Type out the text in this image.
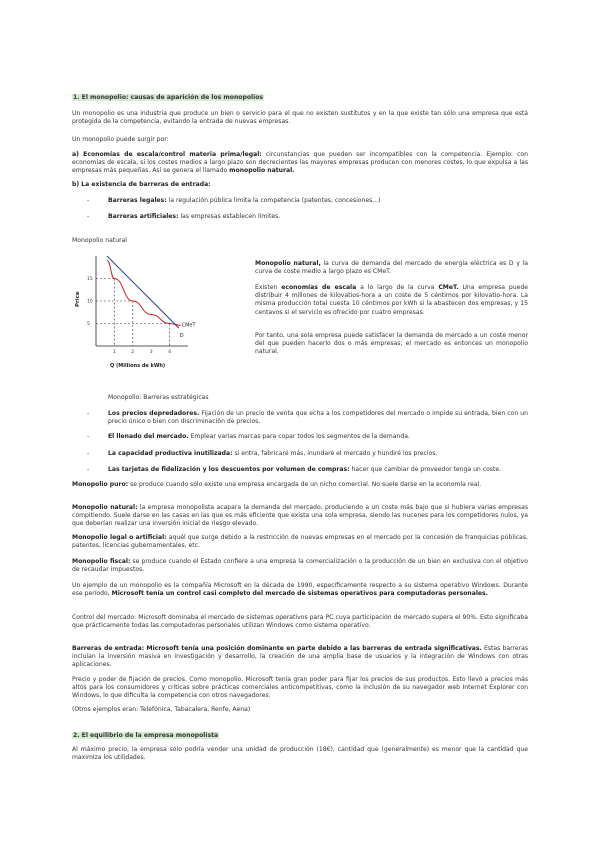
1. El monopolio: causas de aparición de los monopolios

Un monopolio es una industria que produce un bien o servicio para el que no existen sustitutos y en la que existe tan sólo una empresa que está protegida de la competencia, evitando la entrada de nuevas empresas.

Un monopolio puede surgir por:

a) Economías de escala/control materia prima/legal: circunstancias que pueden ser incompatibles con la competencia. Ejemplo: con economías de escala, si los costes medios a largo plazo son decrecientes las mayores empresas producen con menores costes, lo que expulsa a las empresas más pequeñas. Así se genera el llamado monopolio natural.

b) La existencia de barreras de entrada:

-	Barreras legales: la regulación pública limita la competencia (patentes, concesiones...)
-	Barreras artificiales: las empresas establecen límites.

Monopolio natural

CMeT
D
1	2	3	4
15
10
5
Price
Q (Millions de kWh)

Monopolio natural, la curva de demanda del mercado de energía eléctrica es D y la curva de coste medio a largo plazo es CMeT.

Existen economías de escala a lo largo de la curva CMeT. Una empresa puede distribuir 4 millones de kilovatios-hora a un coste de 5 céntimos por kilovatio-hora. La misma producción total cuesta 10 céntimos por kWh si la abastecen dos empresas, y 15 centavos si el servicio es ofrecido por cuatro empresas.

Por tanto, una sola empresa puede satisfacer la demanda de mercado a un coste menor del que pueden hacerlo dos o más empresas; el mercado es entonces un monopolio natural.

Monopolio: Barreras estratégicas

-	Los precios depredadores. Fijación de un precio de venta que echa a los competidores del mercado o impide su entrada, bien con un precio único o bien con discriminación de precios.
-	El llenado del mercado. Emplear varias marcas para copar todos los segmentos de la demanda.
-	La capacidad productiva inutilizada: si entra, fabricaré más, inundaré el mercado y hundiré los precios.
-	Las tarjetas de fidelización y los descuentos por volumen de compras: hacer que cambiar de proveedor tenga un coste.

Monopolio puro: se produce cuando sólo existe una empresa encargada de un nicho comercial. No suele darse en la economía real.

Monopolio natural: la empresa monopolista acapara la demanda del mercado, produciendo a un coste más bajo que si hubiera varias empresas compitiendo. Suele darse en las casas en las que es más eficiente que exista una sola empresa, siendo las nucenes para los competidores nulos, ya que deberían realizar una inversión inicial de riesgo elevado.

Monopolio legal o artificial: aquél que surge debido a la restricción de nuevas empresas en el mercado por la concesión de franquicias públicas, patentes, licencias gubernamentales, etc.

Monopolio fiscal: se produce cuando el Estado confiere a una empresa la comercialización o la producción de un bien en exclusiva con el objetivo de recaudar impuestos.

Un ejemplo de un monopolio es la compañía Microsoft en la década de 1990, específicamente respecto a su sistema operativo Windows. Durante ese período, Microsoft tenía un control casi completo del mercado de sistemas operativos para computadoras personales.

Control del mercado: Microsoft dominaba el mercado de sistemas operativos para PC cuya participación de mercado supera el 90%. Esto significaba que prácticamente todas las computadoras personales utilizan Windows como sistema operativo.

Barreras de entrada: Microsoft tenía una posición dominante en parte debido a las barreras de entrada significativas. Estas barreras incluían la inversión masiva en investigación y desarrollo, la creación de una amplia base de usuarios y la integración de Windows con otras aplicaciones.

Precio y poder de fijación de precios. Como monopolio, Microsoft tenía gran poder para fijar los precios de sus productos. Esto llevó a precios más altos para los consumidores y críticas sobre prácticas comerciales anticompetitivas, como la inclusión de su navegador web Internet Explorer con Windows, lo que dificulta la competencia con otros navegadores.

(Otros ejemplos eran: Telefónica, Tabacalera, Renfe, Aena)

2. El equilibrio de la empresa monopolista

Al máximo precio, la empresa sólo podría vender una unidad de producción (18€), cantidad que (generalmente) es menor que la cantidad que maximiza los utilidades.
